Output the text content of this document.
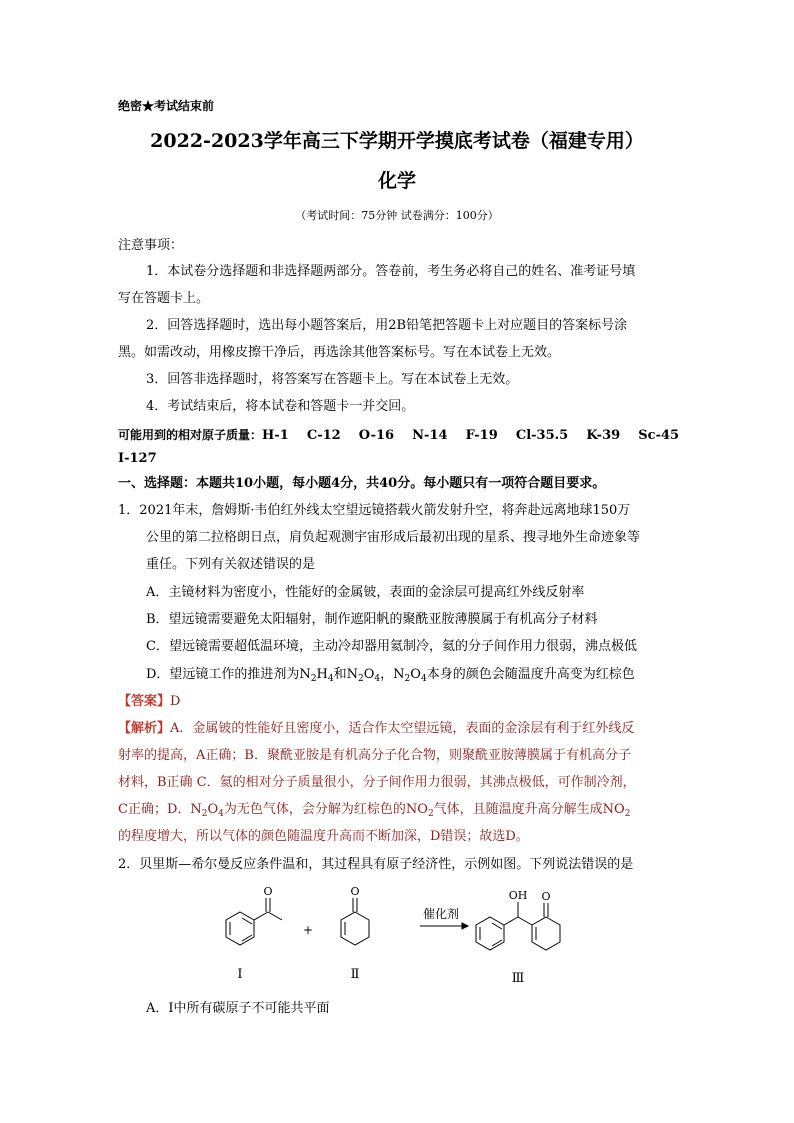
绝密★考试结束前
2022-2023学年高三下学期开学摸底考试卷（福建专用）
化学
（考试时间：75分钟 试卷满分：100分）
注意事项：
1．本试卷分选择题和非选择题两部分。答卷前，考生务必将自己的姓名、准考证号填
写在答题卡上。
2．回答选择题时，选出每小题答案后，用2B铅笔把答题卡上对应题目的答案标号涂
黑。如需改动，用橡皮擦干净后，再选涂其他答案标号。写在本试卷上无效。
3．回答非选择题时，将答案写在答题卡上。写在本试卷上无效。
4．考试结束后，将本试卷和答题卡一并交回。
可能用到的相对原子质量：H-1    C-12    O-16    N-14    F-19    Cl-35.5    K-39    Sc-45
I-127
一、选择题：本题共10小题，每小题4分，共40分。每小题只有一项符合题目要求。
1．2021年末，詹姆斯·韦伯红外线太空望远镜搭载火箭发射升空，将奔赴远离地球150万
公里的第二拉格朗日点，肩负起观测宇宙形成后最初出现的星系、搜寻地外生命迹象等
重任。下列有关叙述错误的是
A．主镜材料为密度小，性能好的金属铍，表面的金涂层可提高红外线反射率
B．望远镜需要避免太阳辐射，制作遮阳帆的聚酰亚胺薄膜属于有机高分子材料
C．望远镜需要超低温环境，主动冷却器用氦制冷，氦的分子间作用力很弱，沸点极低
D．望远镜工作的推进剂为$N_2H_4$和$N_2O_4$，$N_2O_4$本身的颜色会随温度升高变为红棕色
【答案】D
【解析】A．金属铍的性能好且密度小，适合作太空望远镜，表面的金涂层有利于红外线反
射率的提高，A正确；B．聚酰亚胺是有机高分子化合物，则聚酰亚胺薄膜属于有机高分子
材料，B正确 C．氦的相对分子质量很小，分子间作用力很弱，其沸点极低，可作制冷剂，
C正确；D．$N_2O_4$为无色气体，会分解为红棕色的$NO_2$气体，且随温度升高分解生成$NO_2$
的程度增大，所以气体的颜色随温度升高而不断加深，D错误；故选D。
2．贝里斯—希尔曼反应条件温和，其过程具有原子经济性，示例如图。下列说法错误的是
O	O	OH O
+
催化剂
Ⅰ	Ⅱ	Ⅲ
A．Ⅰ中所有碳原子不可能共平面
